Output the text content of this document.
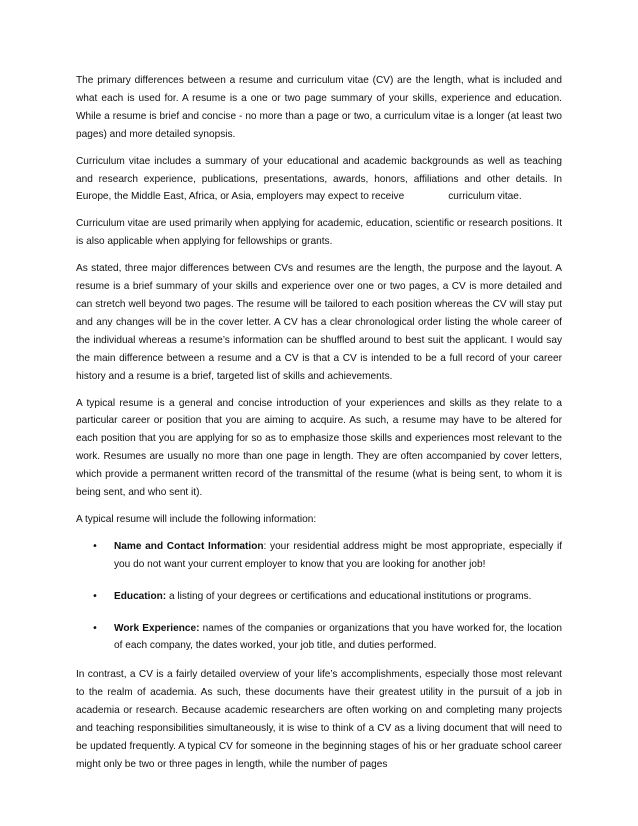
The primary differences between a resume and curriculum vitae (CV) are the length, what is included and what each is used for. A resume is a one or two page summary of your skills, experience and education. While a resume is brief and concise - no more than a page or two, a curriculum vitae is a longer (at least two pages) and more detailed synopsis.

Curriculum vitae includes a summary of your educational and academic backgrounds as well as teaching and research experience, publications, presentations, awards, honors, affiliations and other details. In Europe, the Middle East, Africa, or Asia, employers may expect to receive	curriculum vitae.

Curriculum vitae are used primarily when applying for academic, education, scientific or research positions. It is also applicable when applying for fellowships or grants.

As stated, three major differences between CVs and resumes are the length, the purpose and the layout. A resume is a brief summary of your skills and experience over one or two pages, a CV is more detailed and can stretch well beyond two pages. The resume will be tailored to each position whereas the CV will stay put and any changes will be in the cover letter. A CV has a clear chronological order listing the whole career of the individual whereas a resume’s information can be shuffled around to best suit the applicant. I would say the main difference between a resume and a CV is that a CV is intended to be a full record of your career history and a resume is a brief, targeted list of skills and achievements.

A typical resume is a general and concise introduction of your experiences and skills as they relate to a particular career or position that you are aiming to acquire. As such, a resume may have to be altered for each position that you are applying for so as to emphasize those skills and experiences most relevant to the work. Resumes are usually no more than one page in length. They are often accompanied by cover letters, which provide a permanent written record of the transmittal of the resume (what is being sent, to whom it is being sent, and who sent it).

A typical resume will include the following information:

• Name and Contact Information: your residential address might be most appropriate, especially if you do not want your current employer to know that you are looking for another job!
• Education: a listing of your degrees or certifications and educational institutions or programs.
• Work Experience: names of the companies or organizations that you have worked for, the location of each company, the dates worked, your job title, and duties performed.

In contrast, a CV is a fairly detailed overview of your life’s accomplishments, especially those most relevant to the realm of academia. As such, these documents have their greatest utility in the pursuit of a job in academia or research. Because academic researchers are often working on and completing many projects and teaching responsibilities simultaneously, it is wise to think of a CV as a living document that will need to be updated frequently. A typical CV for someone in the beginning stages of his or her graduate school career might only be two or three pages in length, while the number of pages
